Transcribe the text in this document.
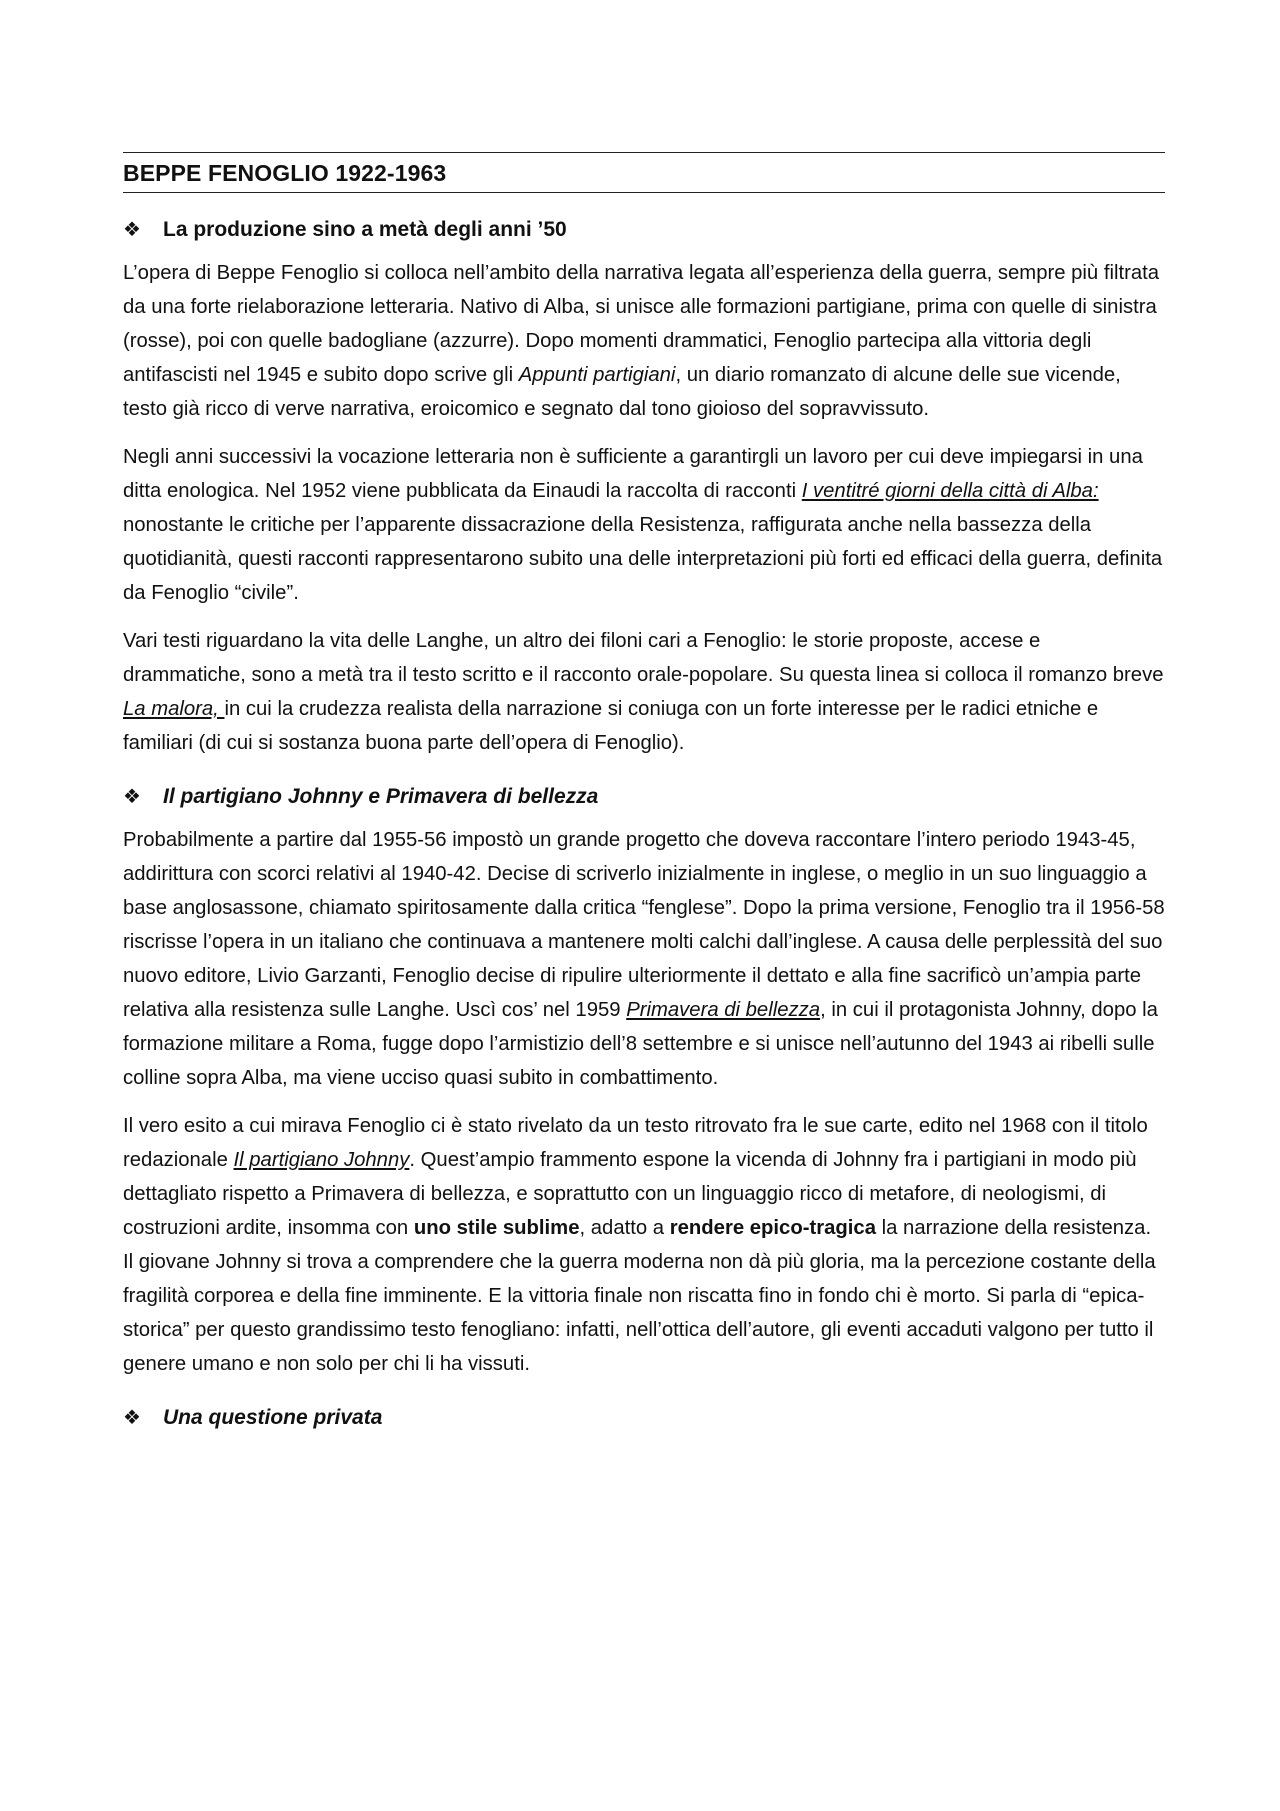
BEPPE FENOGLIO 1922-1963
❖	La produzione sino a metà degli anni ’50

L’opera di Beppe Fenoglio si colloca nell’ambito della narrativa legata all’esperienza della guerra, sempre più filtrata da una forte rielaborazione letteraria. Nativo di Alba, si unisce alle formazioni partigiane, prima con quelle di sinistra (rosse), poi con quelle badogliane (azzurre). Dopo momenti drammatici, Fenoglio partecipa alla vittoria degli antifascisti nel 1945 e subito dopo scrive gli Appunti partigiani, un diario romanzato di alcune delle sue vicende, testo già ricco di verve narrativa, eroicomico e segnato dal tono gioioso del sopravvissuto.

Negli anni successivi la vocazione letteraria non è sufficiente a garantirgli un lavoro per cui deve impiegarsi in una ditta enologica. Nel 1952 viene pubblicata da Einaudi la raccolta di racconti I ventitré giorni della città di Alba: nonostante le critiche per l’apparente dissacrazione della Resistenza, raffigurata anche nella bassezza della quotidianità, questi racconti rappresentarono subito una delle interpretazioni più forti ed efficaci della guerra, definita da Fenoglio “civile”.

Vari testi riguardano la vita delle Langhe, un altro dei filoni cari a Fenoglio: le storie proposte, accese e drammatiche, sono a metà tra il testo scritto e il racconto orale-popolare. Su questa linea si colloca il romanzo breve La malora, in cui la crudezza realista della narrazione si coniuga con un forte interesse per le radici etniche e familiari (di cui si sostanza buona parte dell’opera di Fenoglio).

❖	Il partigiano Johnny e Primavera di bellezza

Probabilmente a partire dal 1955-56 impostò un grande progetto che doveva raccontare l’intero periodo 1943-45, addirittura con scorci relativi al 1940-42. Decise di scriverlo inizialmente in inglese, o meglio in un suo linguaggio a base anglosassone, chiamato spiritosamente dalla critica “fenglese”. Dopo la prima versione, Fenoglio tra il 1956-58 riscrisse l’opera in un italiano che continuava a mantenere molti calchi dall’inglese. A causa delle perplessità del suo nuovo editore, Livio Garzanti, Fenoglio decise di ripulire ulteriormente il dettato e alla fine sacrificò un’ampia parte relativa alla resistenza sulle Langhe. Uscì cos’ nel 1959 Primavera di bellezza, in cui il protagonista Johnny, dopo la formazione militare a Roma, fugge dopo l’armistizio dell’8 settembre e si unisce nell’autunno del 1943 ai ribelli sulle colline sopra Alba, ma viene ucciso quasi subito in combattimento.

Il vero esito a cui mirava Fenoglio ci è stato rivelato da un testo ritrovato fra le sue carte, edito nel 1968 con il titolo redazionale Il partigiano Johnny. Quest’ampio frammento espone la vicenda di Johnny fra i partigiani in modo più dettagliato rispetto a Primavera di bellezza, e soprattutto con un linguaggio ricco di metafore, di neologismi, di costruzioni ardite, insomma con uno stile sublime, adatto a rendere epico-tragica la narrazione della resistenza. Il giovane Johnny si trova a comprendere che la guerra moderna non dà più gloria, ma la percezione costante della fragilità corporea e della fine imminente. E la vittoria finale non riscatta fino in fondo chi è morto. Si parla di “epica-storica” per questo grandissimo testo fenogliano: infatti, nell’ottica dell’autore, gli eventi accaduti valgono per tutto il genere umano e non solo per chi li ha vissuti.

❖	Una questione privata
